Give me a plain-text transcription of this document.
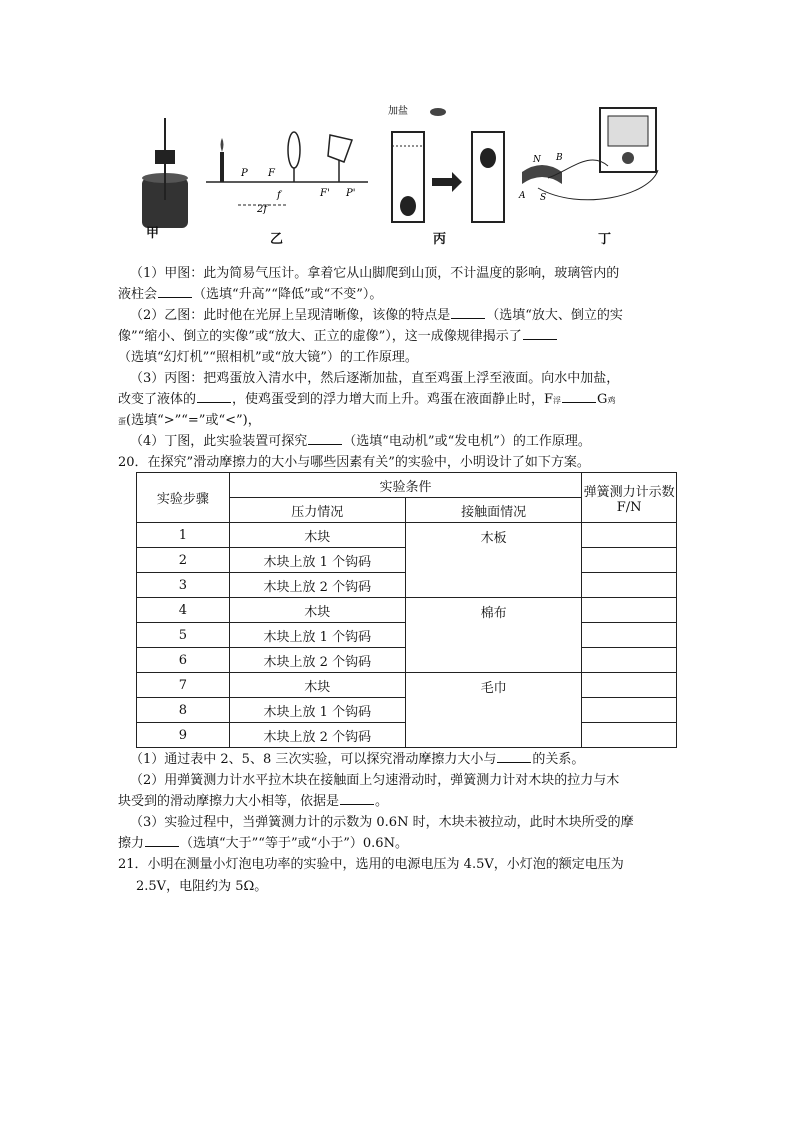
P F
f
2f
F' P'
加盐
N B
A S
甲	乙	丙	丁
（1）甲图：此为简易气压计。拿着它从山脚爬到山顶，不计温度的影响，玻璃管内的
液柱会	（选填“升高”“降低”或“不变”）。
（2）乙图：此时他在光屏上呈现清晰像，该像的特点是	（选填“放大、倒立的实
像”“缩小、倒立的实像”或“放大、正立的虚像”），这一成像规律揭示了
（选填“幻灯机”“照相机”或“放大镜”）的工作原理。
（3）丙图：把鸡蛋放入清水中，然后逐渐加盐，直至鸡蛋上浮至液面。向水中加盐，
改变了液体的	，使鸡蛋受到的浮力增大而上升。鸡蛋在液面静止时，F浮	G鸡
蛋(选填“>”“=”或“<”)，
（4）丁图，此实验装置可探究	（选填“电动机”或“发电机”）的工作原理。
20．在探究”滑动摩擦力的大小与哪些因素有关”的实验中，小明设计了如下方案。
实验步骤	实验条件		弹簧测力计示数 F/N
	压力情况	接触面情况	
1	木块	木板	
2	木块上放 1 个钩码		
3	木块上放 2 个钩码		
4	木块	棉布	
5	木块上放 1 个钩码		
6	木块上放 2 个钩码		
7	木块	毛巾	
8	木块上放 1 个钩码		
9	木块上放 2 个钩码		
（1）通过表中 2、5、8 三次实验，可以探究滑动摩擦力大小与	的关系。
（2）用弹簧测力计水平拉木块在接触面上匀速滑动时，弹簧测力计对木块的拉力与木
块受到的滑动摩擦力大小相等，依据是	。
（3）实验过程中，当弹簧测力计的示数为 0.6N 时，木块未被拉动，此时木块所受的摩
擦力	（选填“大于”“等于”或“小于”）0.6N。
21．小明在测量小灯泡电功率的实验中，选用的电源电压为 4.5V，小灯泡的额定电压为
2.5V，电阻约为 5Ω。
